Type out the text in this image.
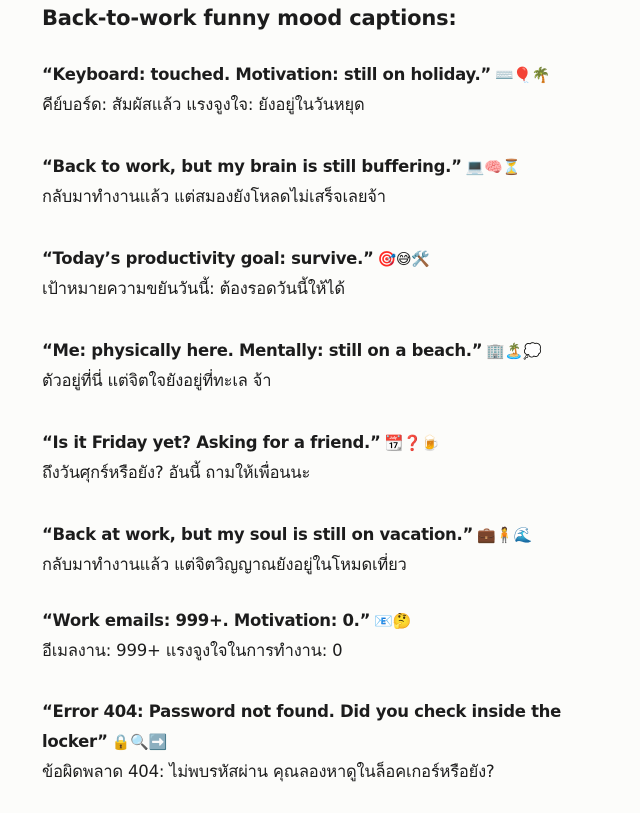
Back-to-work funny mood captions:
“Keyboard: touched. Motivation: still on holiday.” ⌨️🎈🌴
คีย์บอร์ด: สัมผัสแล้ว แรงจูงใจ: ยังอยู่ในวันหยุด
“Back to work, but my brain is still buffering.” 💻🧠⏳
กลับมาทำงานแล้ว แต่สมองยังโหลดไม่เสร็จเลยจ้า
“Today’s productivity goal: survive.” 🎯😅🛠️
เป้าหมายความขยันวันนี้: ต้องรอดวันนี้ให้ได้
“Me: physically here. Mentally: still on a beach.” 🏢🏝️💭
ตัวอยู่ที่นี่ แต่จิตใจยังอยู่ที่ทะเล จ้า
“Is it Friday yet? Asking for a friend.” 📆❓🍺
ถึงวันศุกร์หรือยัง? อันนี้ ถามให้เพื่อนนะ
“Back at work, but my soul is still on vacation.” 💼🧍🌊
กลับมาทำงานแล้ว แต่จิตวิญญาณยังอยู่ในโหมดเที่ยว
“Work emails: 999+. Motivation: 0.” 📧🤔
อีเมลงาน: 999+ แรงจูงใจในการทำงาน: 0
“Error 404: Password not found. Did you check inside the locker” 🔒🔍➡️
ข้อผิดพลาด 404: ไม่พบรหัสผ่าน คุณลองหาดูในล็อคเกอร์หรือยัง?
